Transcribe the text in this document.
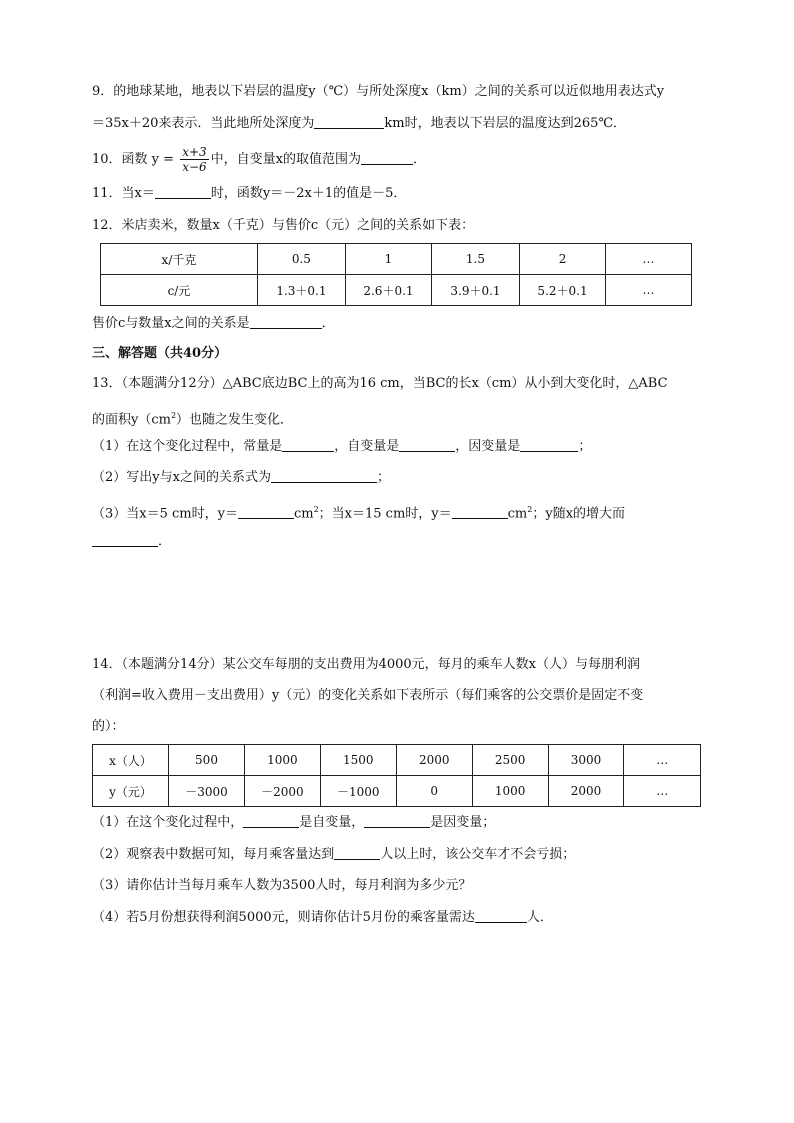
9．的地球某地，地表以下岩层的温度y（℃）与所处深度x（km）之间的关系可以近似地用表达式y
＝35x＋20来表示．当此地所处深度为	km时，地表以下岩层的温度达到265℃．
10．函数 $y = \frac{x+3}{x-6}$ 中，自变量x的取值范围为	．
11．当x＝	时，函数y＝－2x＋1的值是－5．
12．米店卖米，数量x（千克）与售价c（元）之间的关系如下表：
x/千克	0.5	1	1.5	2	…
c/元	1.3＋0.1	2.6＋0.1	3.9＋0.1	5.2＋0.1	…
售价c与数量x之间的关系是	．
三、解答题（共40分）
13．（本题满分12分）△ABC底边BC上的高为16 cm，当BC的长x（cm）从小到大变化时，△ABC
的面积$y(cm^2)$也随之发生变化．
（1）在这个变化过程中，常量是	，自变量是	，因变量是	；
（2）写出y与x之间的关系式为	；
（3）当x＝5 cm时，y＝	$cm^2$；当x＝15 cm时，y＝	$cm^2$；y随x的增大而
．
14．（本题满分14分）某公交车每朋的支出费用为4000元，每月的乘车人数x（人）与每朋利润
（利润=收入费用－支出费用）y（元）的变化关系如下表所示（每们乘客的公交票价是固定不变
的）：
x（人）	500	1000	1500	2000	2500	3000	…
y（元）	－3000	－2000	－1000	0	1000	2000	…
（1）在这个变化过程中，	是自变量，	是因变量；
（2）观察表中数据可知，每月乘客量达到	人以上时，该公交车才不会亏损；
（3）请你估计当每月乘车人数为3500人时，每月利润为多少元？
（4）若5月份想获得利润5000元，则请你估计5月份的乘客量需达	人．
